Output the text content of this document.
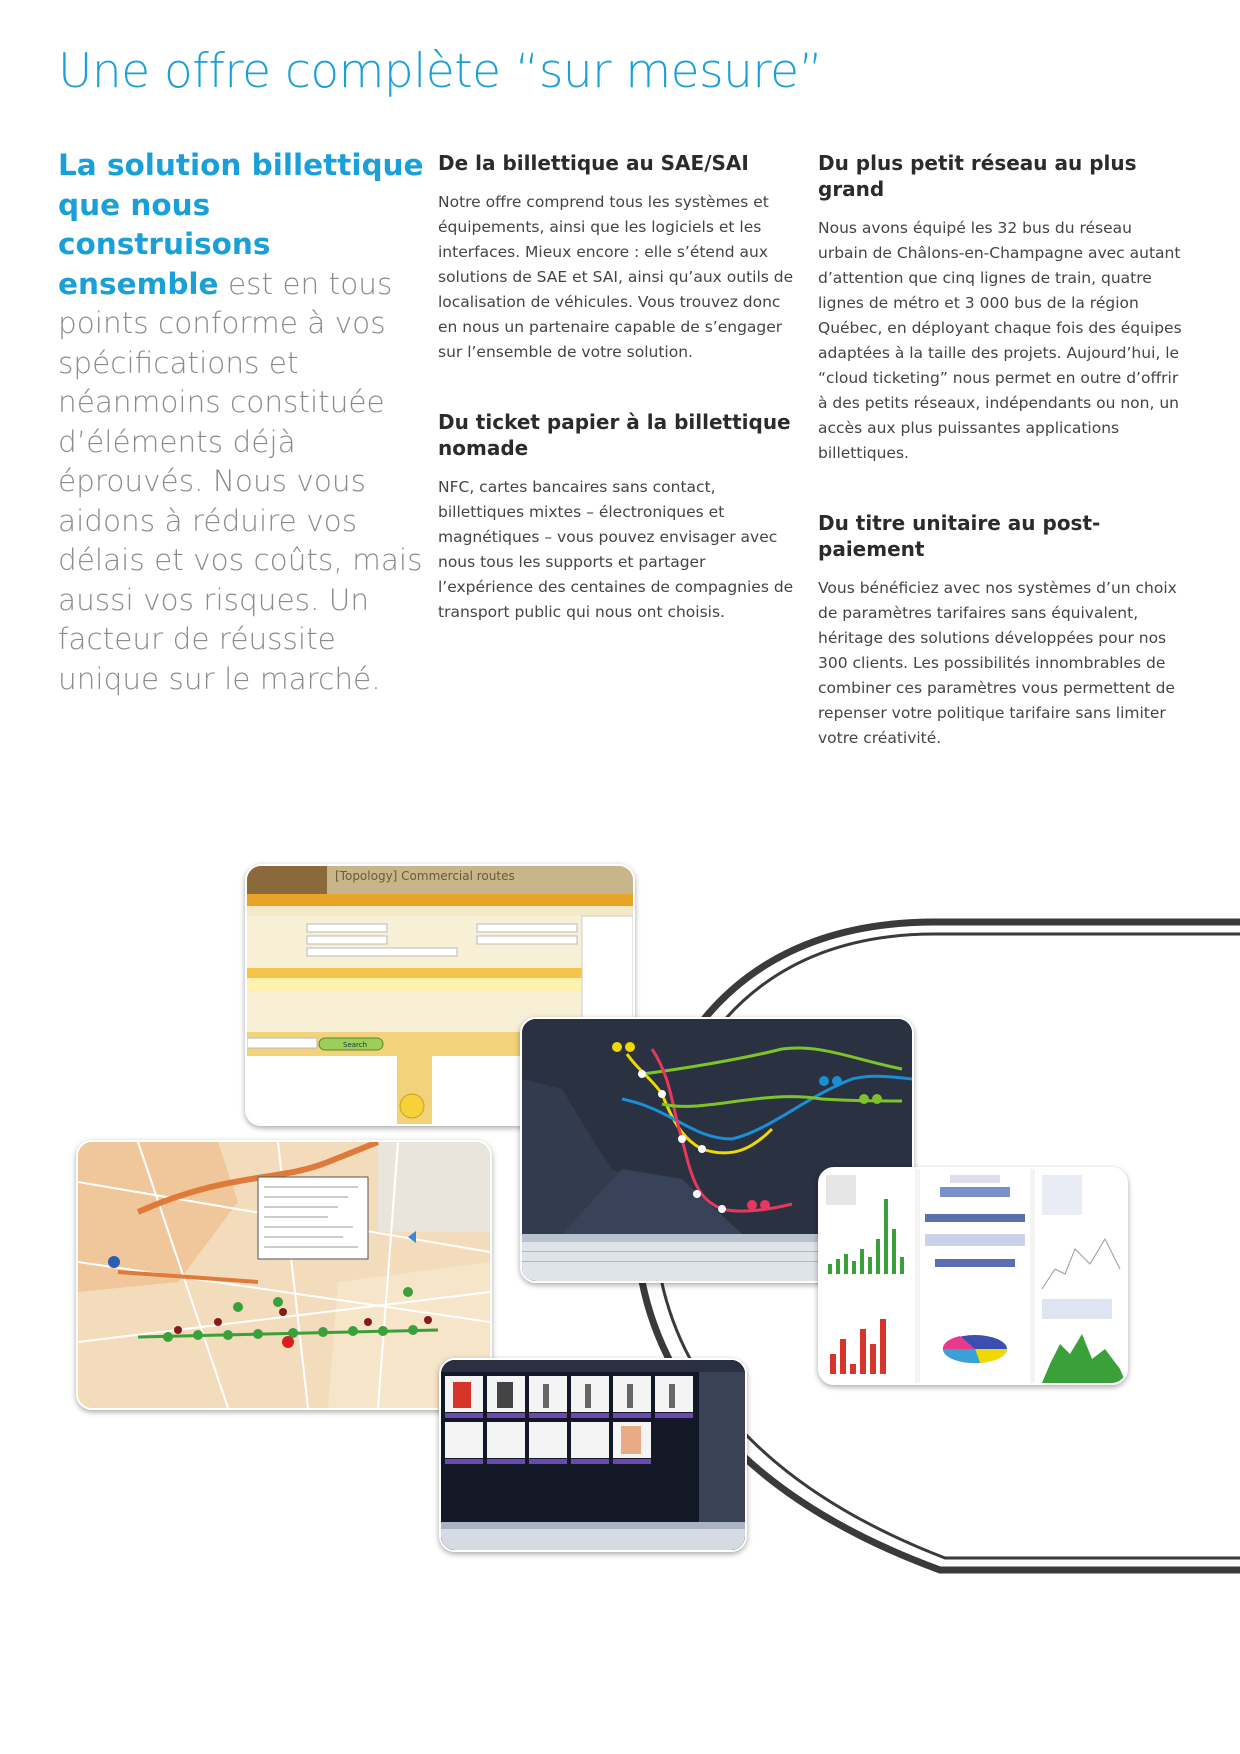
Une offre complète “sur mesure”
La solution billettique que nous construisons ensemble est en tous points conforme à vos spécifications et néanmoins constituée d’éléments déjà éprouvés. Nous vous aidons à réduire vos délais et vos coûts, mais aussi vos risques. Un facteur de réussite unique sur le marché.
De la billettique au SAE/SAI

Notre offre comprend tous les systèmes et équipements, ainsi que les logiciels et les interfaces. Mieux encore : elle s’étend aux solutions de SAE et SAI, ainsi qu’aux outils de localisation de véhicules. Vous trouvez donc en nous un partenaire capable de s’engager sur l’ensemble de votre solution.

Du ticket papier à la billettique nomade

NFC, cartes bancaires sans contact, billettiques mixtes – électroniques et magnétiques – vous pouvez envisager avec nous tous les supports et partager l’expérience des centaines de compagnies de transport public qui nous ont choisis.

Du plus petit réseau au plus grand

Nous avons équipé les 32 bus du réseau urbain de Châlons-en-Champagne avec autant d’attention que cinq lignes de train, quatre lignes de métro et 3 000 bus de la région Québec, en déployant chaque fois des équipes adaptées à la taille des projets. Aujourd’hui, le “cloud ticketing” nous permet en outre d’offrir à des petits réseaux, indépendants ou non, un accès aux plus puissantes applications billettiques.

Du titre unitaire au post-paiement

Vous bénéficiez avec nos systèmes d’un choix de paramètres tarifaires sans équivalent, héritage des solutions développées pour nos 300 clients. Les possibilités innombrables de combiner ces paramètres vous permettent de repenser votre politique tarifaire sans limiter votre créativité.

[Topology] Commercial routes
Search
